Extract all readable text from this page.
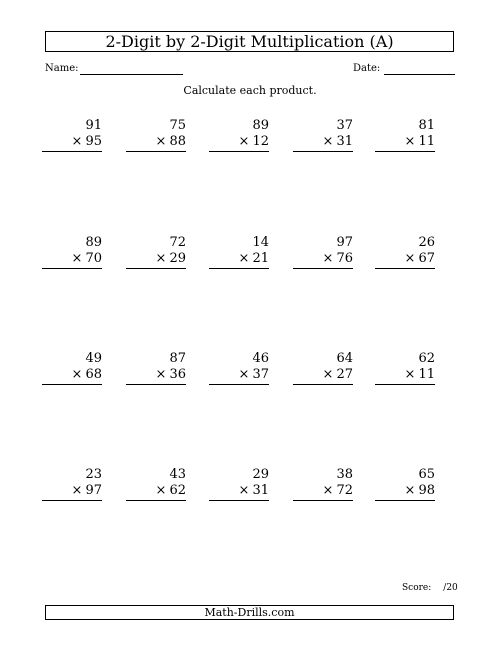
2-Digit by 2-Digit Multiplication (A)
Name:	Date:
Calculate each product.
91
× 95
75
× 88
89
× 12
37
× 31
81
× 11
89
× 70
72
× 29
14
× 21
97
× 76
26
× 67
49
× 68
87
× 36
46
× 37
64
× 27
62
× 11
23
× 97
43
× 62
29
× 31
38
× 72
65
× 98
Score: /20
Math-Drills.com
